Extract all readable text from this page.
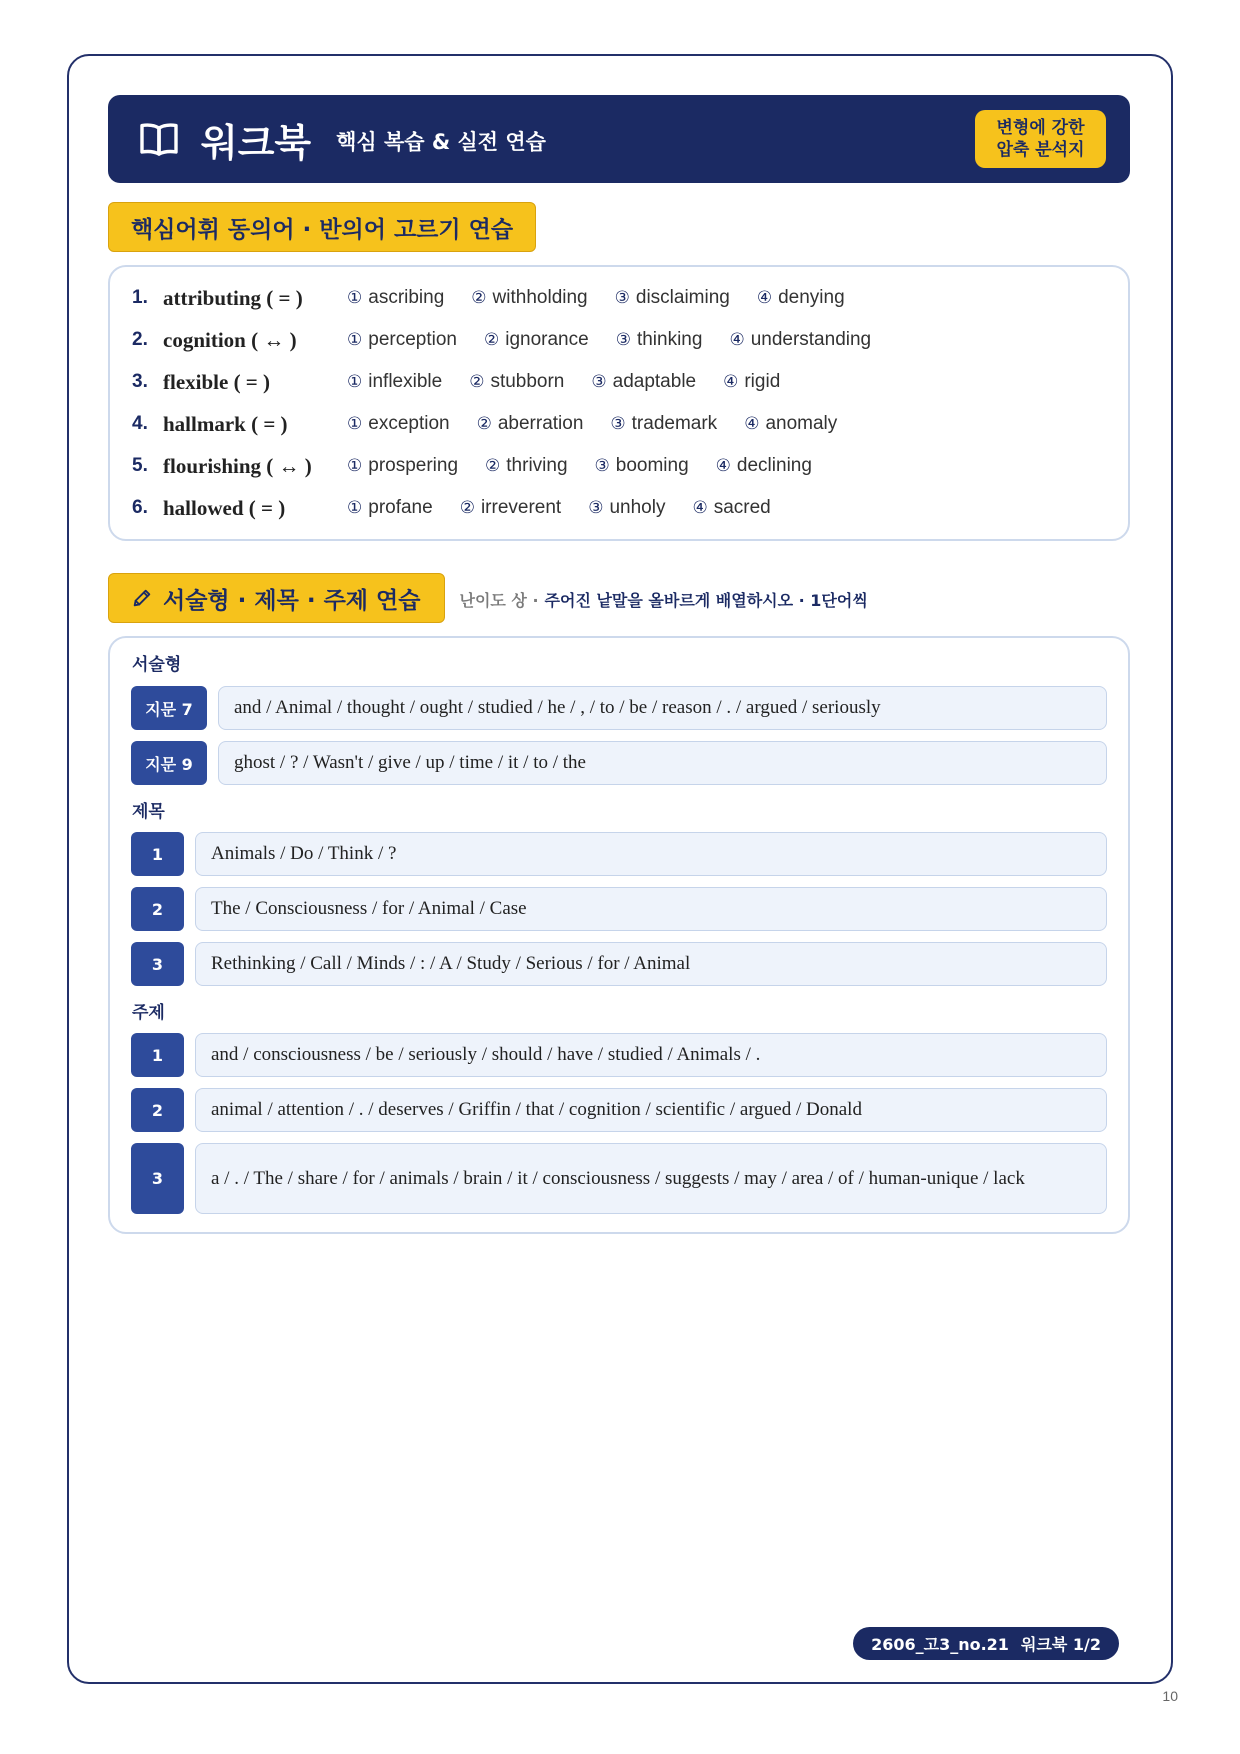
워크북 핵심 복습 & 실전 연습
변형에 강한
압축 분석지
핵심어휘 동의어 · 반의어 고르기 연습
1. attributing ( = )	① ascribing ② withholding ③ disclaiming ④ denying
2. cognition ( ↔ )	① perception ② ignorance ③ thinking ④ understanding
3. flexible ( = )	① inflexible ② stubborn ③ adaptable ④ rigid
4. hallmark ( = )	① exception ② aberration ③ trademark ④ anomaly
5. flourishing ( ↔ )	① prospering ② thriving ③ booming ④ declining
6. hallowed ( = )	① profane ② irreverent ③ unholy ④ sacred
서술형 · 제목 · 주제 연습 난이도 상 · 주어진 낱말을 올바르게 배열하시오 · 1단어씩
서술형
지문 7	and / Animal / thought / ought / studied / he / , / to / be / reason / . / argued / seriously
지문 9	ghost / ? / Wasn't / give / up / time / it / to / the
제목
1	Animals / Do / Think / ?
2	The / Consciousness / for / Animal / Case
3	Rethinking / Call / Minds / : / A / Study / Serious / for / Animal
주제
1	and / consciousness / be / seriously / should / have / studied / Animals / .
2	animal / attention / . / deserves / Griffin / that / cognition / scientific / argued / Donald
3	a / . / The / share / for / animals / brain / it / consciousness / suggests / may / area / of / human-unique / lack
2606_고3_no.21 워크북 1/2
10
